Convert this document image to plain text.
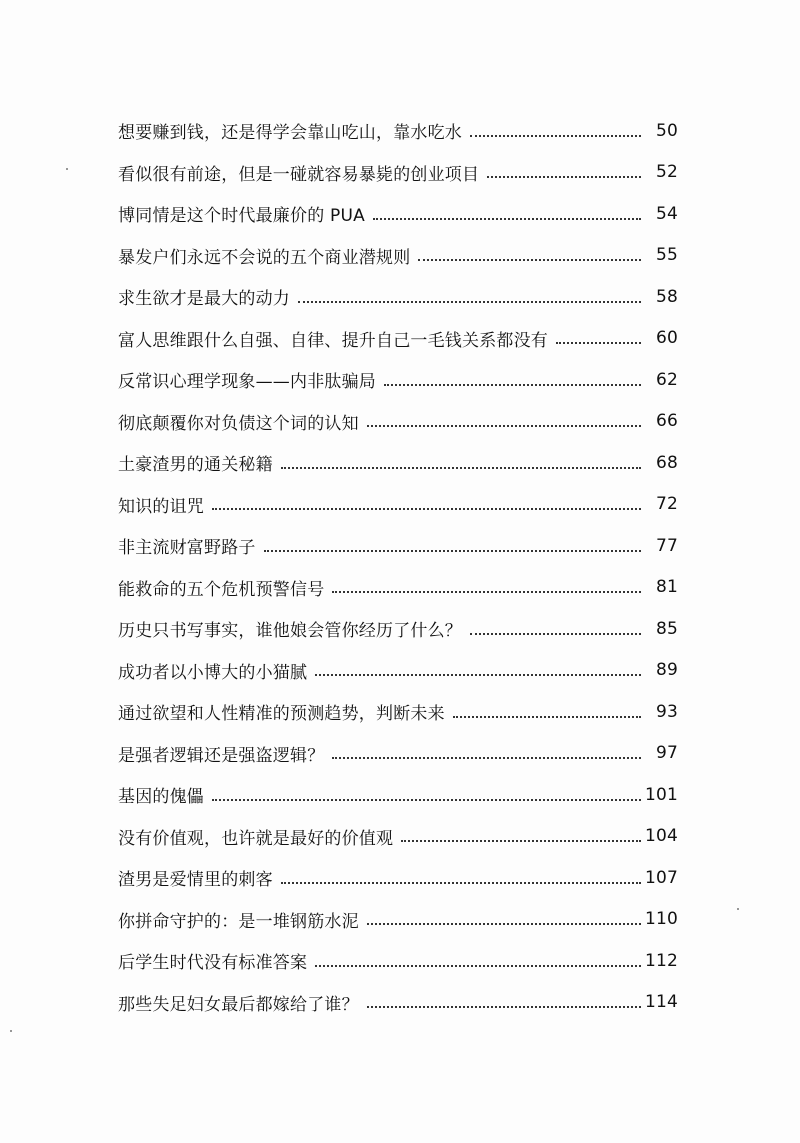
想要赚到钱，还是得学会靠山吃山，靠水吃水	50
看似很有前途，但是一碰就容易暴毙的创业项目	52
博同情是这个时代最廉价的 PUA	54
暴发户们永远不会说的五个商业潜规则	55
求生欲才是最大的动力	58
富人思维跟什么自强、自律、提升自己一毛钱关系都没有	60
反常识心理学现象——内非肽骗局	62
彻底颠覆你对负债这个词的认知	66
土豪渣男的通关秘籍	68
知识的诅咒	72
非主流财富野路子	77
能救命的五个危机预警信号	81
历史只书写事实，谁他娘会管你经历了什么？	85
成功者以小博大的小猫腻	89
通过欲望和人性精准的预测趋势，判断未来	93
是强者逻辑还是强盗逻辑？	97
基因的傀儡	101
没有价值观，也许就是最好的价值观	104
渣男是爱情里的刺客	107
你拼命守护的：是一堆钢筋水泥	110
后学生时代没有标准答案	112
那些失足妇女最后都嫁给了谁？	114
